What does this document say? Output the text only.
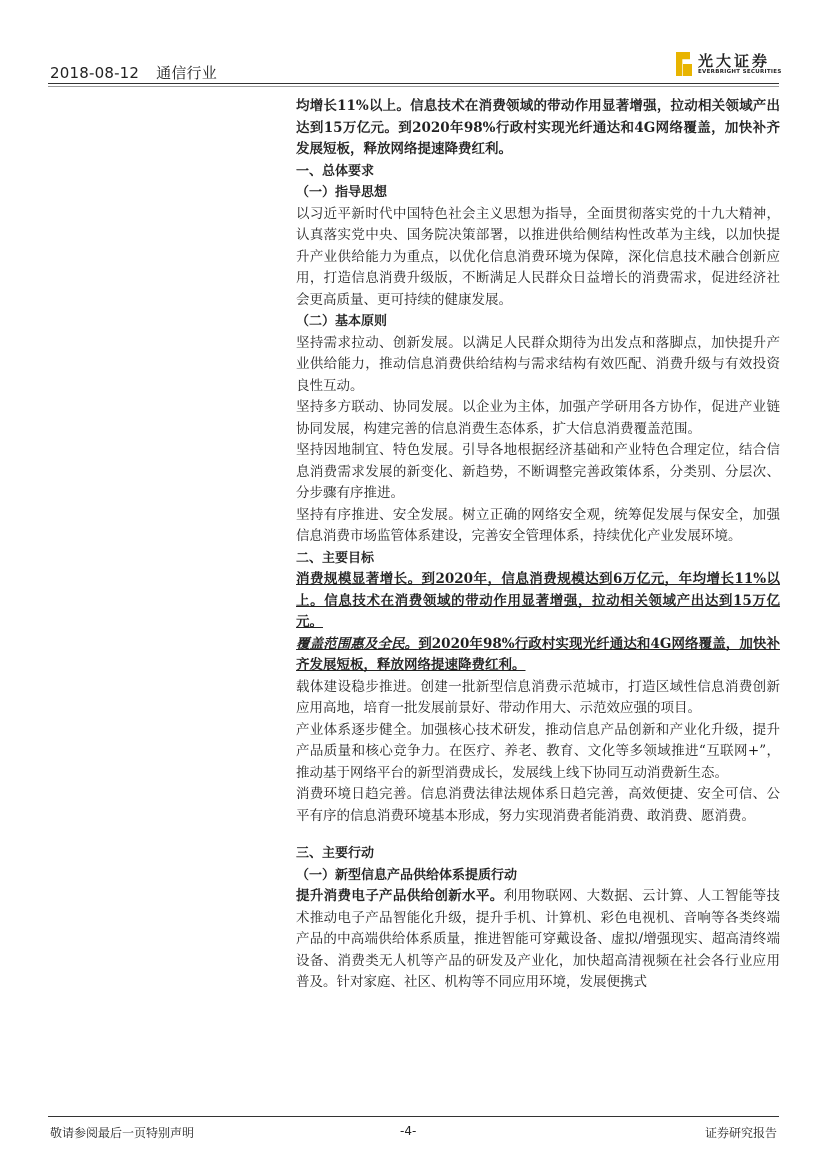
2018-08-12 通信行业
光大证券
EVERBRIGHT SECURITIES

均增长11%以上。信息技术在消费领域的带动作用显著增强，拉动相关领域产出达到15万亿元。到2020年98%行政村实现光纤通达和4G网络覆盖，加快补齐发展短板，释放网络提速降费红利。

一、总体要求

（一）指导思想

以习近平新时代中国特色社会主义思想为指导，全面贯彻落实党的十九大精神，认真落实党中央、国务院决策部署，以推进供给侧结构性改革为主线，以加快提升产业供给能力为重点，以优化信息消费环境为保障，深化信息技术融合创新应用，打造信息消费升级版，不断满足人民群众日益增长的消费需求，促进经济社会更高质量、更可持续的健康发展。

（二）基本原则

坚持需求拉动、创新发展。以满足人民群众期待为出发点和落脚点，加快提升产业供给能力，推动信息消费供给结构与需求结构有效匹配、消费升级与有效投资良性互动。

坚持多方联动、协同发展。以企业为主体，加强产学研用各方协作，促进产业链协同发展，构建完善的信息消费生态体系，扩大信息消费覆盖范围。

坚持因地制宜、特色发展。引导各地根据经济基础和产业特色合理定位，结合信息消费需求发展的新变化、新趋势，不断调整完善政策体系，分类别、分层次、分步骤有序推进。

坚持有序推进、安全发展。树立正确的网络安全观，统筹促发展与保安全，加强信息消费市场监管体系建设，完善安全管理体系，持续优化产业发展环境。

二、主要目标

消费规模显著增长。到2020年，信息消费规模达到6万亿元，年均增长11%以上。信息技术在消费领域的带动作用显著增强，拉动相关领域产出达到15万亿元。

覆盖范围惠及全民。到2020年98%行政村实现光纤通达和4G网络覆盖，加快补齐发展短板，释放网络提速降费红利。

载体建设稳步推进。创建一批新型信息消费示范城市，打造区域性信息消费创新应用高地，培育一批发展前景好、带动作用大、示范效应强的项目。

产业体系逐步健全。加强核心技术研发，推动信息产品创新和产业化升级，提升产品质量和核心竞争力。在医疗、养老、教育、文化等多领域推进“互联网+”，推动基于网络平台的新型消费成长，发展线上线下协同互动消费新生态。

消费环境日趋完善。信息消费法律法规体系日趋完善，高效便捷、安全可信、公平有序的信息消费环境基本形成，努力实现消费者能消费、敢消费、愿消费。

三、主要行动

（一）新型信息产品供给体系提质行动

提升消费电子产品供给创新水平。利用物联网、大数据、云计算、人工智能等技术推动电子产品智能化升级，提升手机、计算机、彩色电视机、音响等各类终端产品的中高端供给体系质量，推进智能可穿戴设备、虚拟/增强现实、超高清终端设备、消费类无人机等产品的研发及产业化，加快超高清视频在社会各行业应用普及。针对家庭、社区、机构等不同应用环境，发展便携式

敬请参阅最后一页特别声明	-4-	证券研究报告
